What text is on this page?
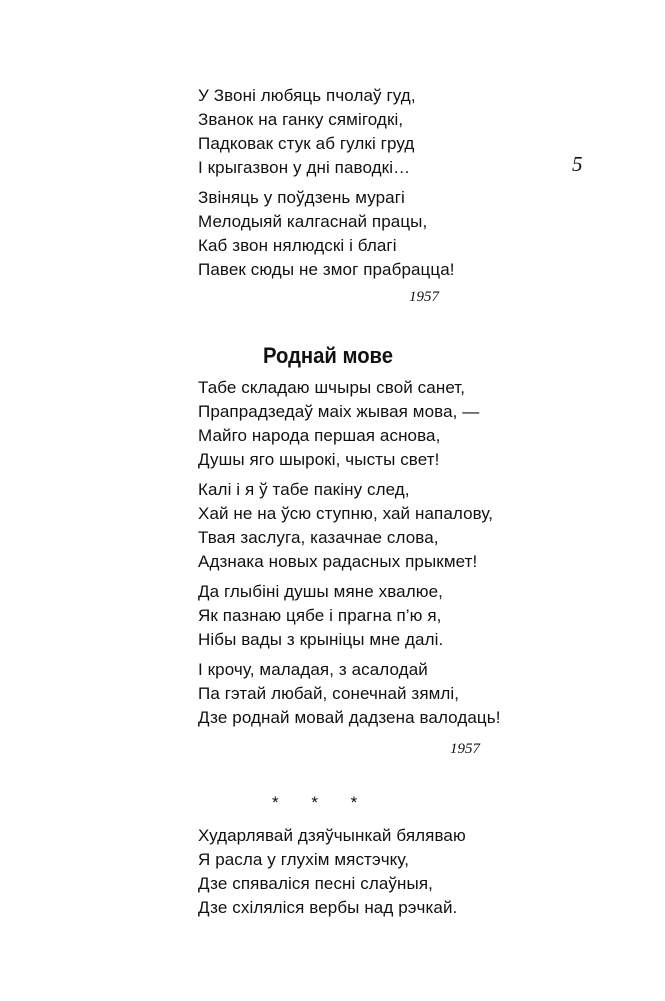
5
У Звоні любяць пчолаў гуд,
Званок на ганку сямігодкі,
Падковак стук аб гулкі груд
І крыгазвон у дні паводкі…
Звіняць у поўдзень мурагі
Мелодыяй калгаснай працы,
Каб звон нялюдскі і благі
Павек сюды не змог прабрацца!
1957
Роднай мове
Табе складаю шчыры свой санет,
Прапрадзедаў маіх жывая мова, —
Майго народа першая аснова,
Душы яго шырокі, чысты свет!
Калі і я ў табе пакіну след,
Хай не на ўсю ступню, хай напалову,
Твая заслуга, казачнае слова,
Адзнака новых радасных прыкмет!
Да глыбіні душы мяне хвалюе,
Як пазнаю цябе і прагна п’ю я,
Нібы вады з крыніцы мне далі.
І крочу, маладая, з асалодай
Па гэтай любай, сонечнай зямлі,
Дзе роднай мовай дадзена валодаць!
1957
* * *
Хударлявай дзяўчынкай бяляваю
Я расла у глухім мястэчку,
Дзе спяваліся песні слаўныя,
Дзе схіляліся вербы над рэчкай.
